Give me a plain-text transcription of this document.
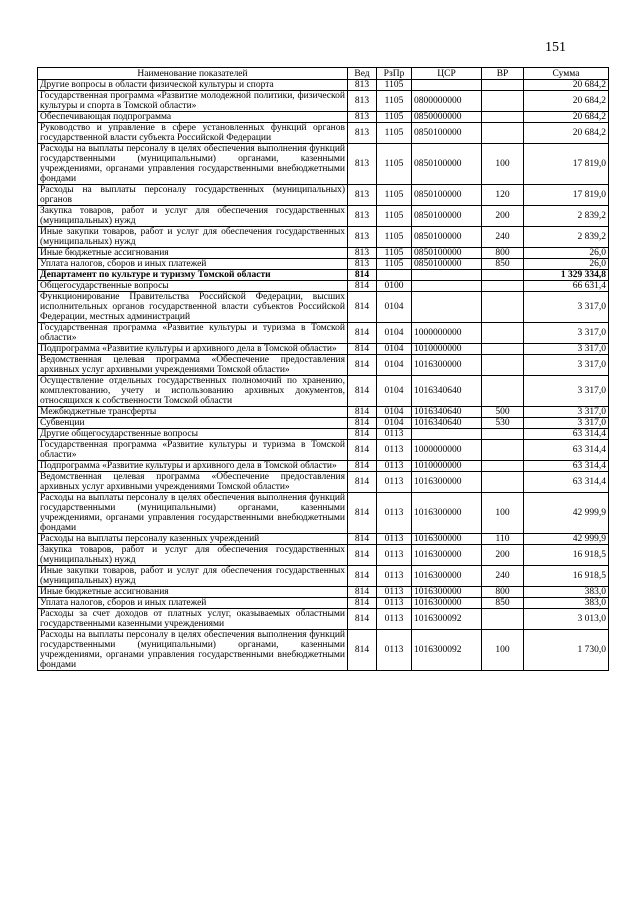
151
Наименование показателей	Вед	РзПр	ЦСР	ВР	Сумма
Другие вопросы в области физической культуры и спорта	813	1105			20 684,2
Государственная программа «Развитие молодежной политики, физической культуры и спорта в Томской области»	813	1105	0800000000		20 684,2
Обеспечивающая подпрограмма	813	1105	0850000000		20 684,2
Руководство и управление в сфере установленных функций органов государственной власти субъекта Российской Федерации	813	1105	0850100000		20 684,2
Расходы на выплаты персоналу в целях обеспечения выполнения функций государственными (муниципальными) органами, казенными учреждениями, органами управления государственными внебюджетными фондами	813	1105	0850100000	100	17 819,0
Расходы на выплаты персоналу государственных (муниципальных) органов	813	1105	0850100000	120	17 819,0
Закупка товаров, работ и услуг для обеспечения государственных (муниципальных) нужд	813	1105	0850100000	200	2 839,2
Иные закупки товаров, работ и услуг для обеспечения государственных (муниципальных) нужд	813	1105	0850100000	240	2 839,2
Иные бюджетные ассигнования	813	1105	0850100000	800	26,0
Уплата налогов, сборов и иных платежей	813	1105	0850100000	850	26,0
Департамент по культуре и туризму Томской области	814				1 329 334,8
Общегосударственные вопросы	814	0100			66 631,4
Функционирование Правительства Российской Федерации, высших исполнительных органов государственной власти субъектов Российской Федерации, местных администраций	814	0104			3 317,0
Государственная программа «Развитие культуры и туризма в Томской области»	814	0104	1000000000		3 317,0
Подпрограмма «Развитие культуры и архивного дела в Томской области»	814	0104	1010000000		3 317,0
Ведомственная целевая программа «Обеспечение предоставления архивных услуг архивными учреждениями Томской области»	814	0104	1016300000		3 317,0
Осуществление отдельных государственных полномочий по хранению, комплектованию, учету и использованию архивных документов, относящихся к собственности Томской области	814	0104	1016340640		3 317,0
Межбюджетные трансферты	814	0104	1016340640	500	3 317,0
Субвенции	814	0104	1016340640	530	3 317,0
Другие общегосударственные вопросы	814	0113			63 314,4
Государственная программа «Развитие культуры и туризма в Томской области»	814	0113	1000000000		63 314,4
Подпрограмма «Развитие культуры и архивного дела в Томской области»	814	0113	1010000000		63 314,4
Ведомственная целевая программа «Обеспечение предоставления архивных услуг архивными учреждениями Томской области»	814	0113	1016300000		63 314,4
Расходы на выплаты персоналу в целях обеспечения выполнения функций государственными (муниципальными) органами, казенными учреждениями, органами управления государственными внебюджетными фондами	814	0113	1016300000	100	42 999,9
Расходы на выплаты персоналу казенных учреждений	814	0113	1016300000	110	42 999,9
Закупка товаров, работ и услуг для обеспечения государственных (муниципальных) нужд	814	0113	1016300000	200	16 918,5
Иные закупки товаров, работ и услуг для обеспечения государственных (муниципальных) нужд	814	0113	1016300000	240	16 918,5
Иные бюджетные ассигнования	814	0113	1016300000	800	383,0
Уплата налогов, сборов и иных платежей	814	0113	1016300000	850	383,0
Расходы за счет доходов от платных услуг, оказываемых областными государственными казенными учреждениями	814	0113	1016300092		3 013,0
Расходы на выплаты персоналу в целях обеспечения выполнения функций государственными (муниципальными) органами, казенными учреждениями, органами управления государственными внебюджетными фондами	814	0113	1016300092	100	1 730,0
